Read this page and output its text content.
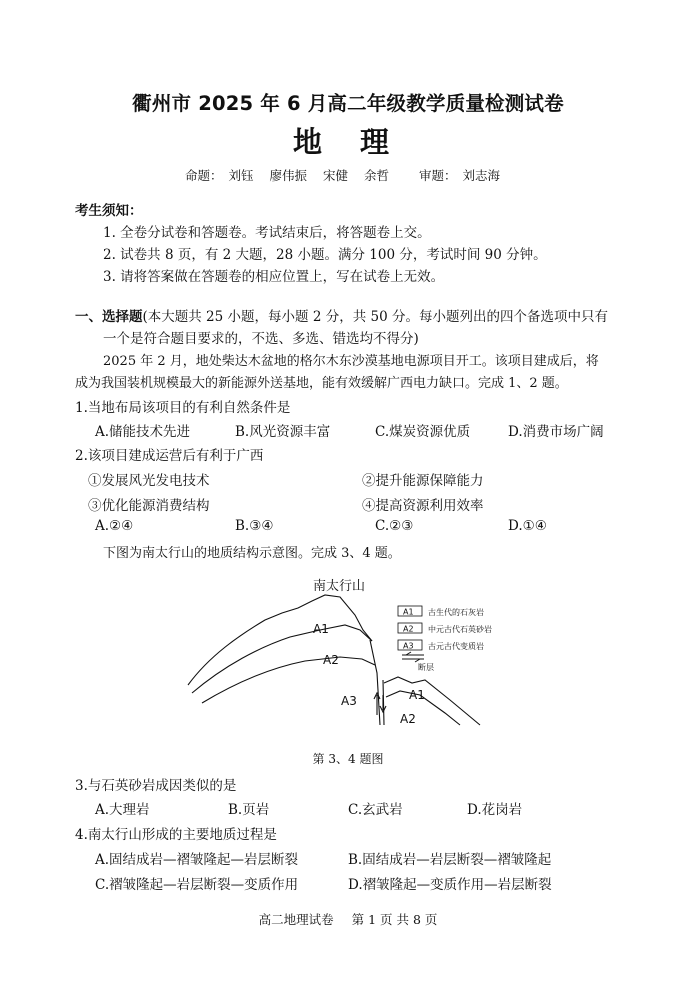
衢州市 2025 年 6 月高二年级教学质量检测试卷
地 理
命题： 刘钰 廖伟振 宋健 余哲 审题： 刘志海
考生须知：
1. 全卷分试卷和答题卷。考试结束后，将答题卷上交。
2. 试卷共 8 页，有 2 大题，28 小题。满分 100 分，考试时间 90 分钟。
3. 请将答案做在答题卷的相应位置上，写在试卷上无效。
一、选择题(本大题共 25 小题，每小题 2 分，共 50 分。每小题列出的四个备选项中只有
一个是符合题目要求的，不选、多选、错选均不得分)
2025 年 2 月，地处柴达木盆地的格尔木东沙漠基地电源项目开工。该项目建成后，将
成为我国装机规模最大的新能源外送基地，能有效缓解广西电力缺口。完成 1、2 题。
1.当地布局该项目的有利自然条件是
A.储能技术先进	B.风光资源丰富	C.煤炭资源优质	D.消费市场广阔
2.该项目建成运营后有利于广西
①发展风光发电技术	②提升能源保障能力
③优化能源消费结构	④提高资源利用效率
A.②④	B.③④	C.②③	D.①④
下图为南太行山的地质结构示意图。完成 3、4 题。
南太行山
A1
A2
A3	A1
A2
A1 古生代的石灰岩
A2 中元古代石英砂岩
A3 古元古代变质岩
断层
第 3、4 题图
3.与石英砂岩成因类似的是
A.大理岩	B.页岩	C.玄武岩	D.花岗岩
4.南太行山形成的主要地质过程是
A.固结成岩—褶皱隆起—岩层断裂	B.固结成岩—岩层断裂—褶皱隆起
C.褶皱隆起—岩层断裂—变质作用	D.褶皱隆起—变质作用—岩层断裂
高二地理试卷 第 1 页 共 8 页
